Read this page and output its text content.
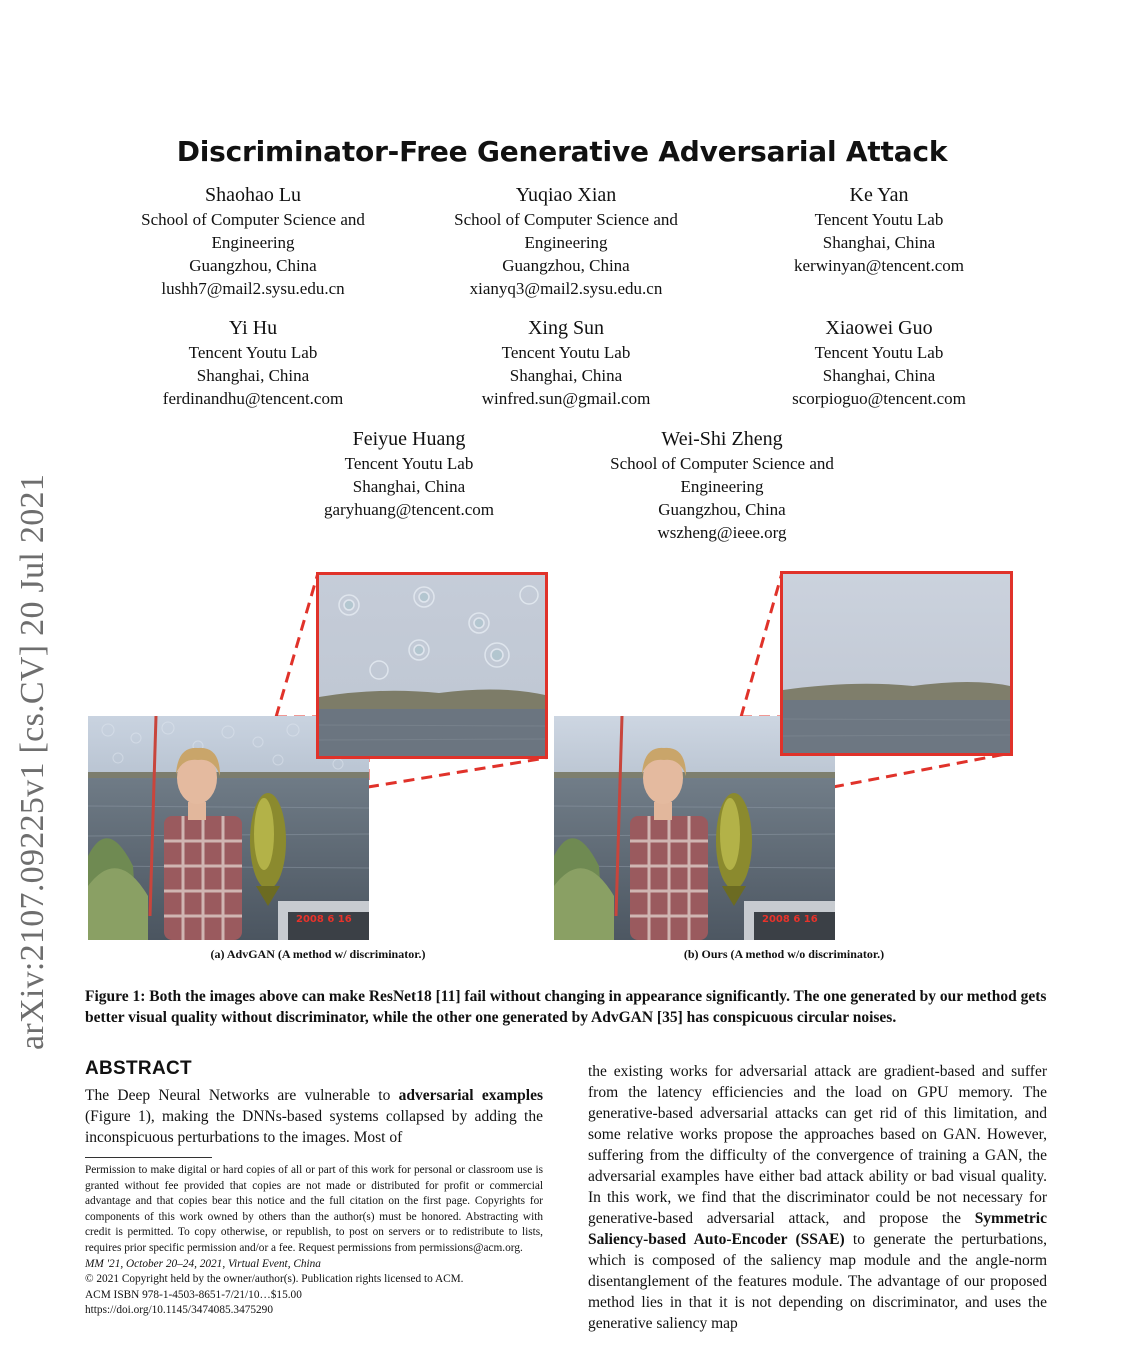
arXiv:2107.09225v1 [cs.CV] 20 Jul 2021
Discriminator-Free Generative Adversarial Attack
Shaohao Lu
School of Computer Science and
Engineering
Guangzhou, China
lushh7@mail2.sysu.edu.cn
Yuqiao Xian
School of Computer Science and
Engineering
Guangzhou, China
xianyq3@mail2.sysu.edu.cn
Ke Yan
Tencent Youtu Lab
Shanghai, China
kerwinyan@tencent.com
Yi Hu
Tencent Youtu Lab
Shanghai, China
ferdinandhu@tencent.com
Xing Sun
Tencent Youtu Lab
Shanghai, China
winfred.sun@gmail.com
Xiaowei Guo
Tencent Youtu Lab
Shanghai, China
scorpioguo@tencent.com
Feiyue Huang
Tencent Youtu Lab
Shanghai, China
garyhuang@tencent.com
Wei-Shi Zheng
School of Computer Science and
Engineering
Guangzhou, China
wszheng@ieee.org
2008 6 16	2008 6 16
(a) AdvGAN (A method w/ discriminator.)	(b) Ours (A method w/o discriminator.)
Figure 1: Both the images above can make ResNet18 [11] fail without changing in appearance significantly. The one generated by our method gets better visual quality without discriminator, while the other one generated by AdvGAN [35] has conspicuous circular noises.
ABSTRACT
The Deep Neural Networks are vulnerable to adversarial examples (Figure 1), making the DNNs-based systems collapsed by adding the inconspicuous perturbations to the images. Most of
Permission to make digital or hard copies of all or part of this work for personal or classroom use is granted without fee provided that copies are not made or distributed for profit or commercial advantage and that copies bear this notice and the full citation on the first page. Copyrights for components of this work owned by others than the author(s) must be honored. Abstracting with credit is permitted. To copy otherwise, or republish, to post on servers or to redistribute to lists, requires prior specific permission and/or a fee. Request permissions from permissions@acm.org.
MM '21, October 20–24, 2021, Virtual Event, China
© 2021 Copyright held by the owner/author(s). Publication rights licensed to ACM.
ACM ISBN 978-1-4503-8651-7/21/10…$15.00
https://doi.org/10.1145/3474085.3475290
the existing works for adversarial attack are gradient-based and suffer from the latency efficiencies and the load on GPU memory. The generative-based adversarial attacks can get rid of this limitation, and some relative works propose the approaches based on GAN. However, suffering from the difficulty of the convergence of training a GAN, the adversarial examples have either bad attack ability or bad visual quality. In this work, we find that the discriminator could be not necessary for generative-based adversarial attack, and propose the Symmetric Saliency-based Auto-Encoder (SSAE) to generate the perturbations, which is composed of the saliency map module and the angle-norm disentanglement of the features module. The advantage of our proposed method lies in that it is not depending on discriminator, and uses the generative saliency map
